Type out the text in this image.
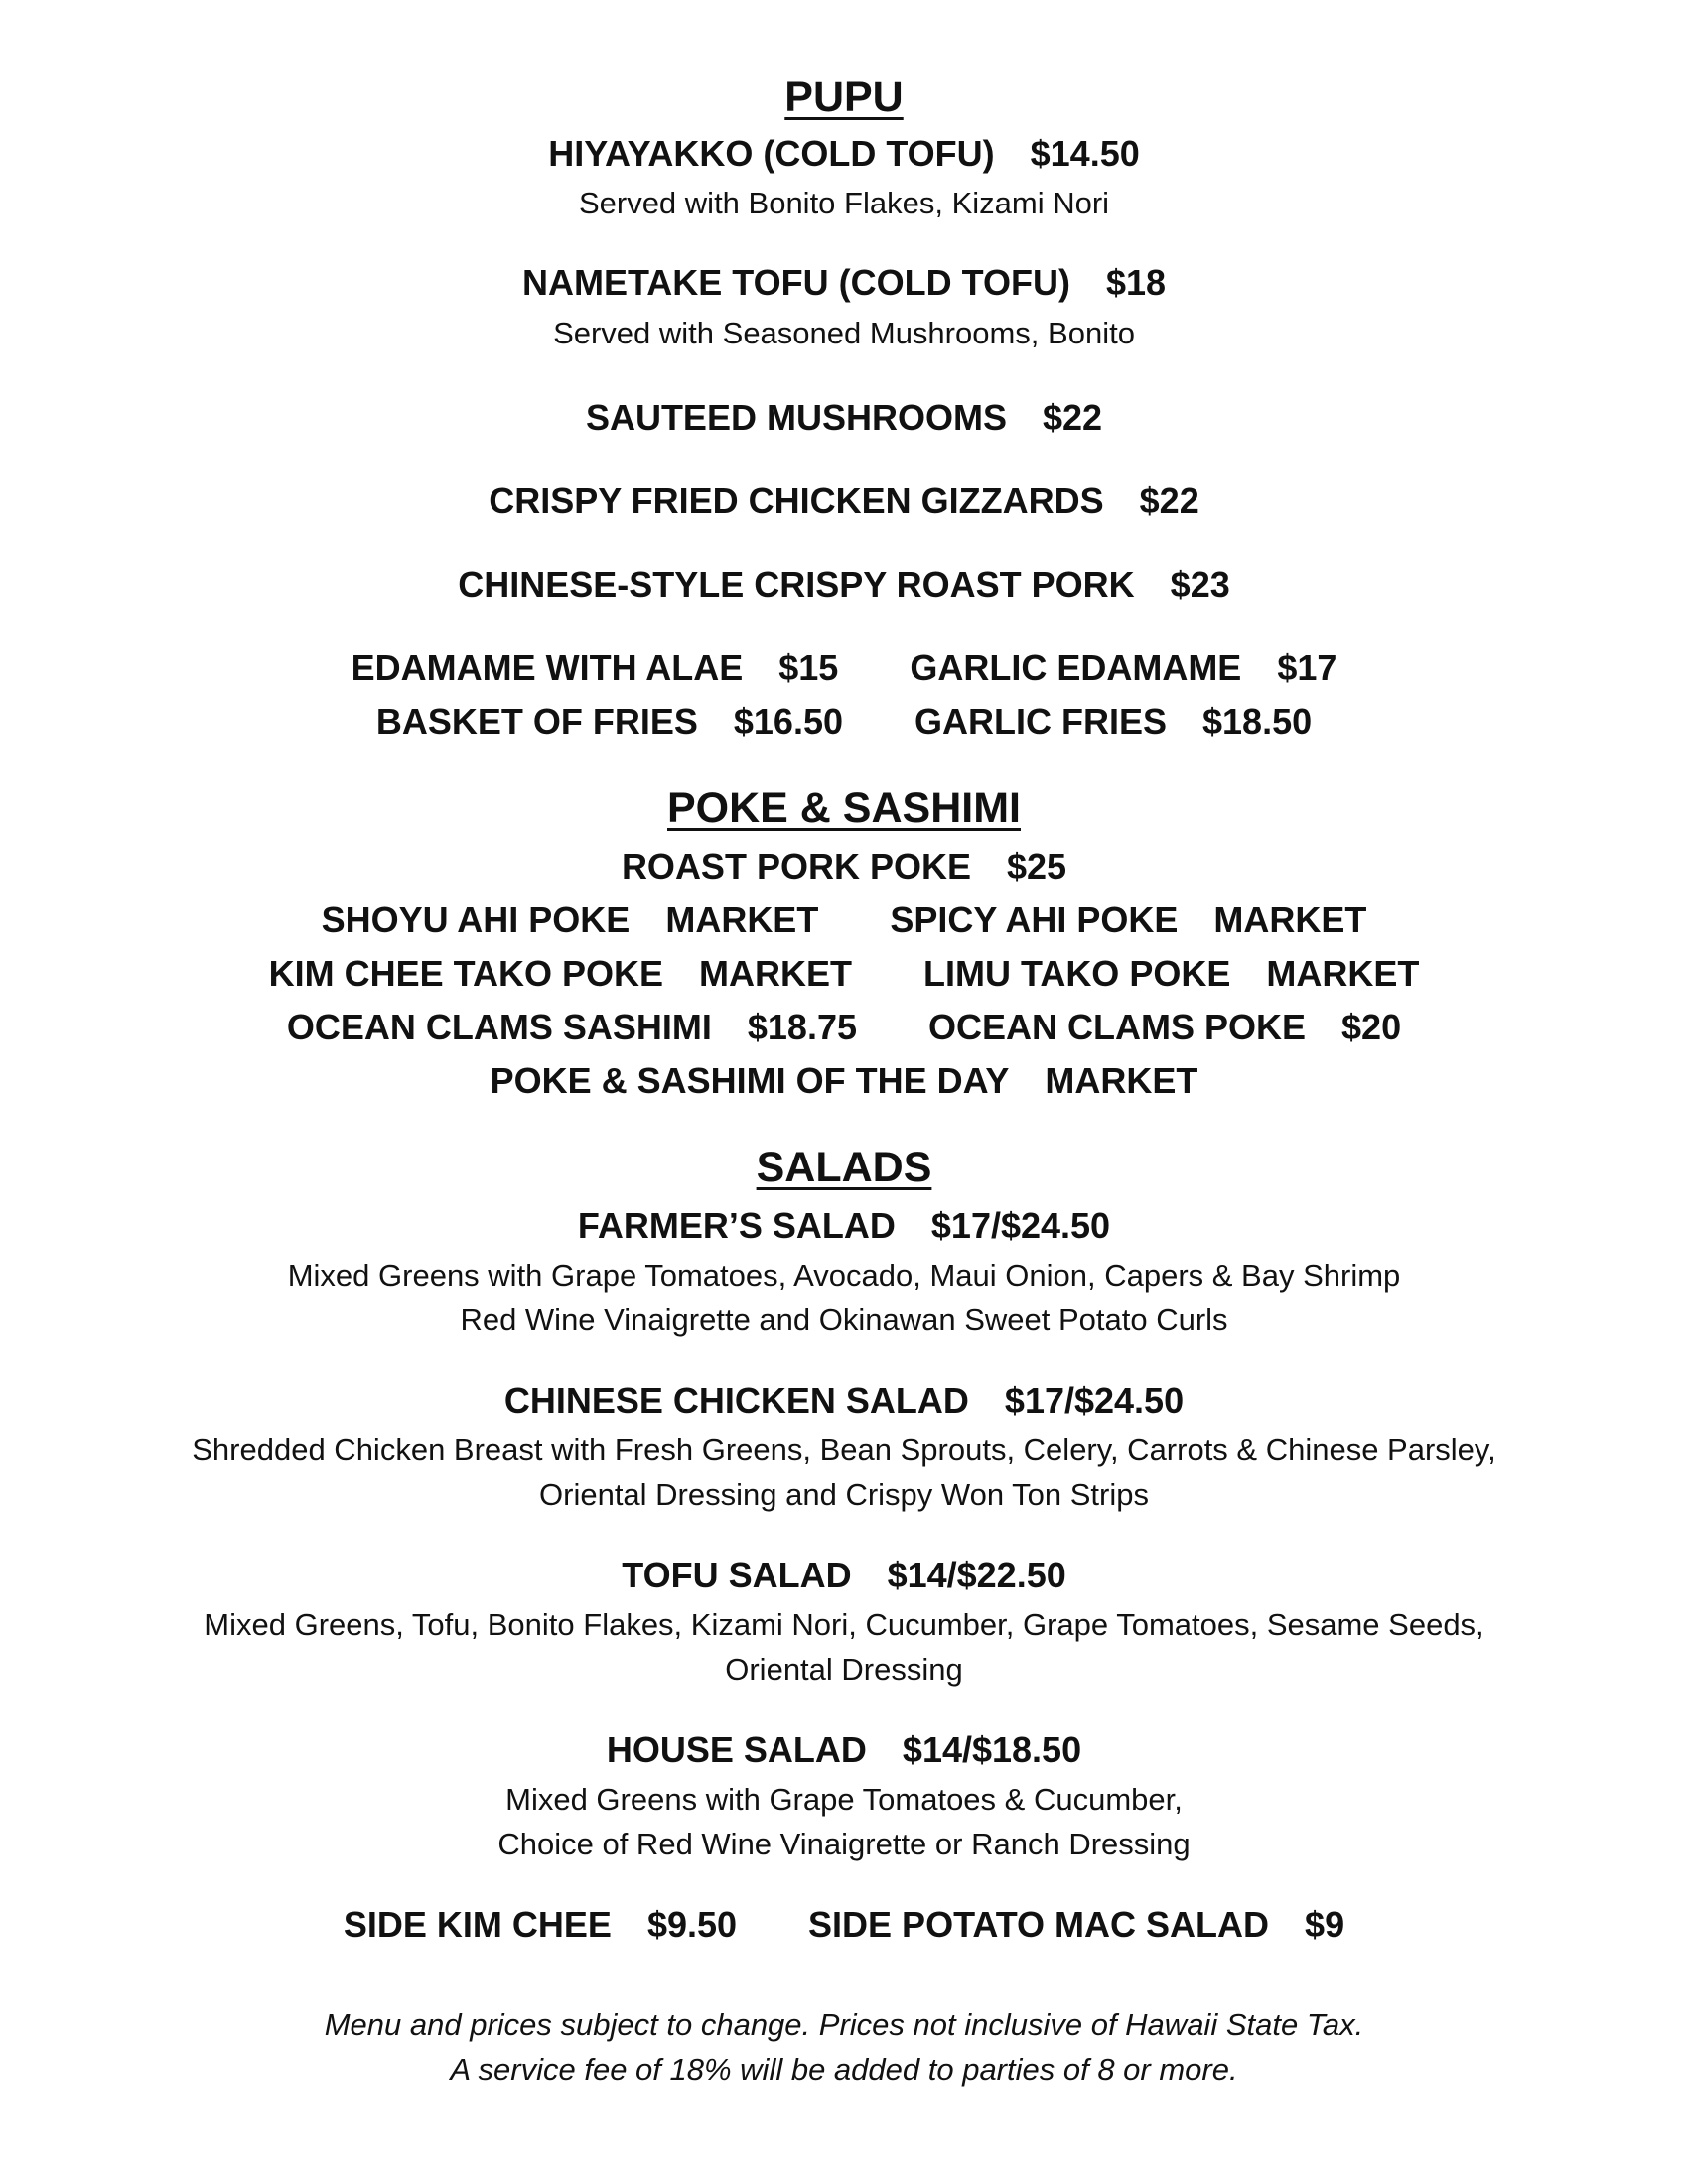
PUPU
HIYAYAKKO (COLD TOFU) $14.50
Served with Bonito Flakes, Kizami Nori
NAMETAKE TOFU (COLD TOFU) $18
Served with Seasoned Mushrooms, Bonito
SAUTEED MUSHROOMS $22
CRISPY FRIED CHICKEN GIZZARDS $22
CHINESE-STYLE CRISPY ROAST PORK $23
EDAMAME WITH ALAE $15 GARLIC EDAMAME $17
BASKET OF FRIES $16.50 GARLIC FRIES $18.50
POKE & SASHIMI
ROAST PORK POKE $25
SHOYU AHI POKE MARKET SPICY AHI POKE MARKET
KIM CHEE TAKO POKE MARKET LIMU TAKO POKE MARKET
OCEAN CLAMS SASHIMI $18.75 OCEAN CLAMS POKE $20
POKE & SASHIMI OF THE DAY MARKET
SALADS
FARMER’S SALAD $17/$24.50
Mixed Greens with Grape Tomatoes, Avocado, Maui Onion, Capers & Bay Shrimp
Red Wine Vinaigrette and Okinawan Sweet Potato Curls
CHINESE CHICKEN SALAD $17/$24.50
Shredded Chicken Breast with Fresh Greens, Bean Sprouts, Celery, Carrots & Chinese Parsley,
Oriental Dressing and Crispy Won Ton Strips
TOFU SALAD $14/$22.50
Mixed Greens, Tofu, Bonito Flakes, Kizami Nori, Cucumber, Grape Tomatoes, Sesame Seeds,
Oriental Dressing
HOUSE SALAD $14/$18.50
Mixed Greens with Grape Tomatoes & Cucumber,
Choice of Red Wine Vinaigrette or Ranch Dressing
SIDE KIM CHEE $9.50 SIDE POTATO MAC SALAD $9
Menu and prices subject to change. Prices not inclusive of Hawaii State Tax.
A service fee of 18% will be added to parties of 8 or more.
